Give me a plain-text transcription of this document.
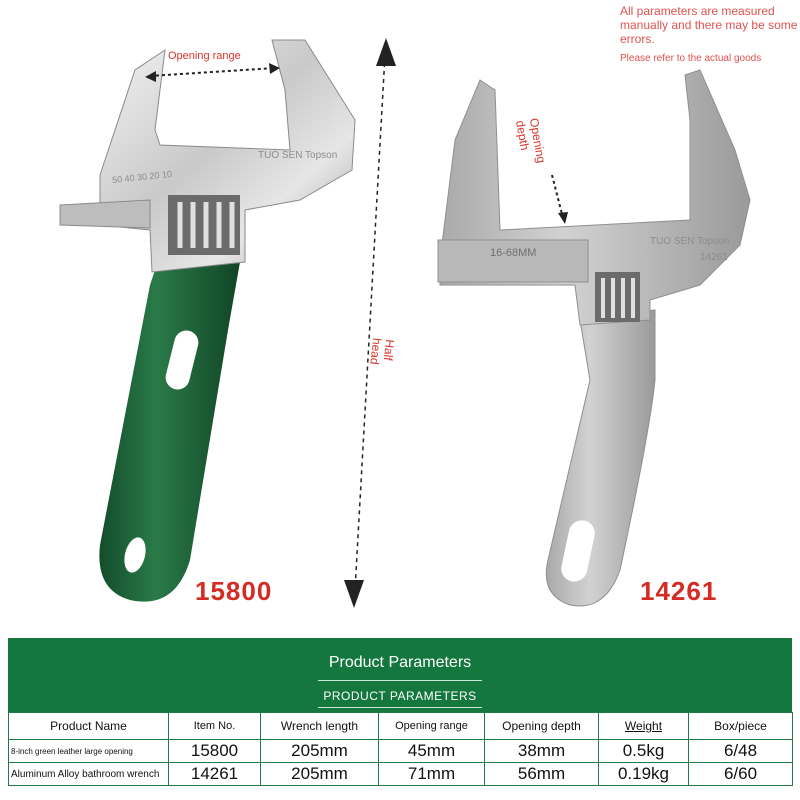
All parameters are measured manually and there may be some errors.
Please refer to the actual goods
Opening range
Opening
depth
Half
head
TUO SEN Topson
50 40 30 20 10
TUO SEN Topson
14261
16-68MM
15800	14261
Product Parameters
PRODUCT PARAMETERS
Product Name	Item No.	Wrench length	Opening range	Opening depth	Weight	Box/piece
8-inch green leather large opening	15800	205mm	45mm	38mm	0.5kg	6/48
Aluminum Alloy bathroom wrench	14261	205mm	71mm	56mm	0.19kg	6/60
